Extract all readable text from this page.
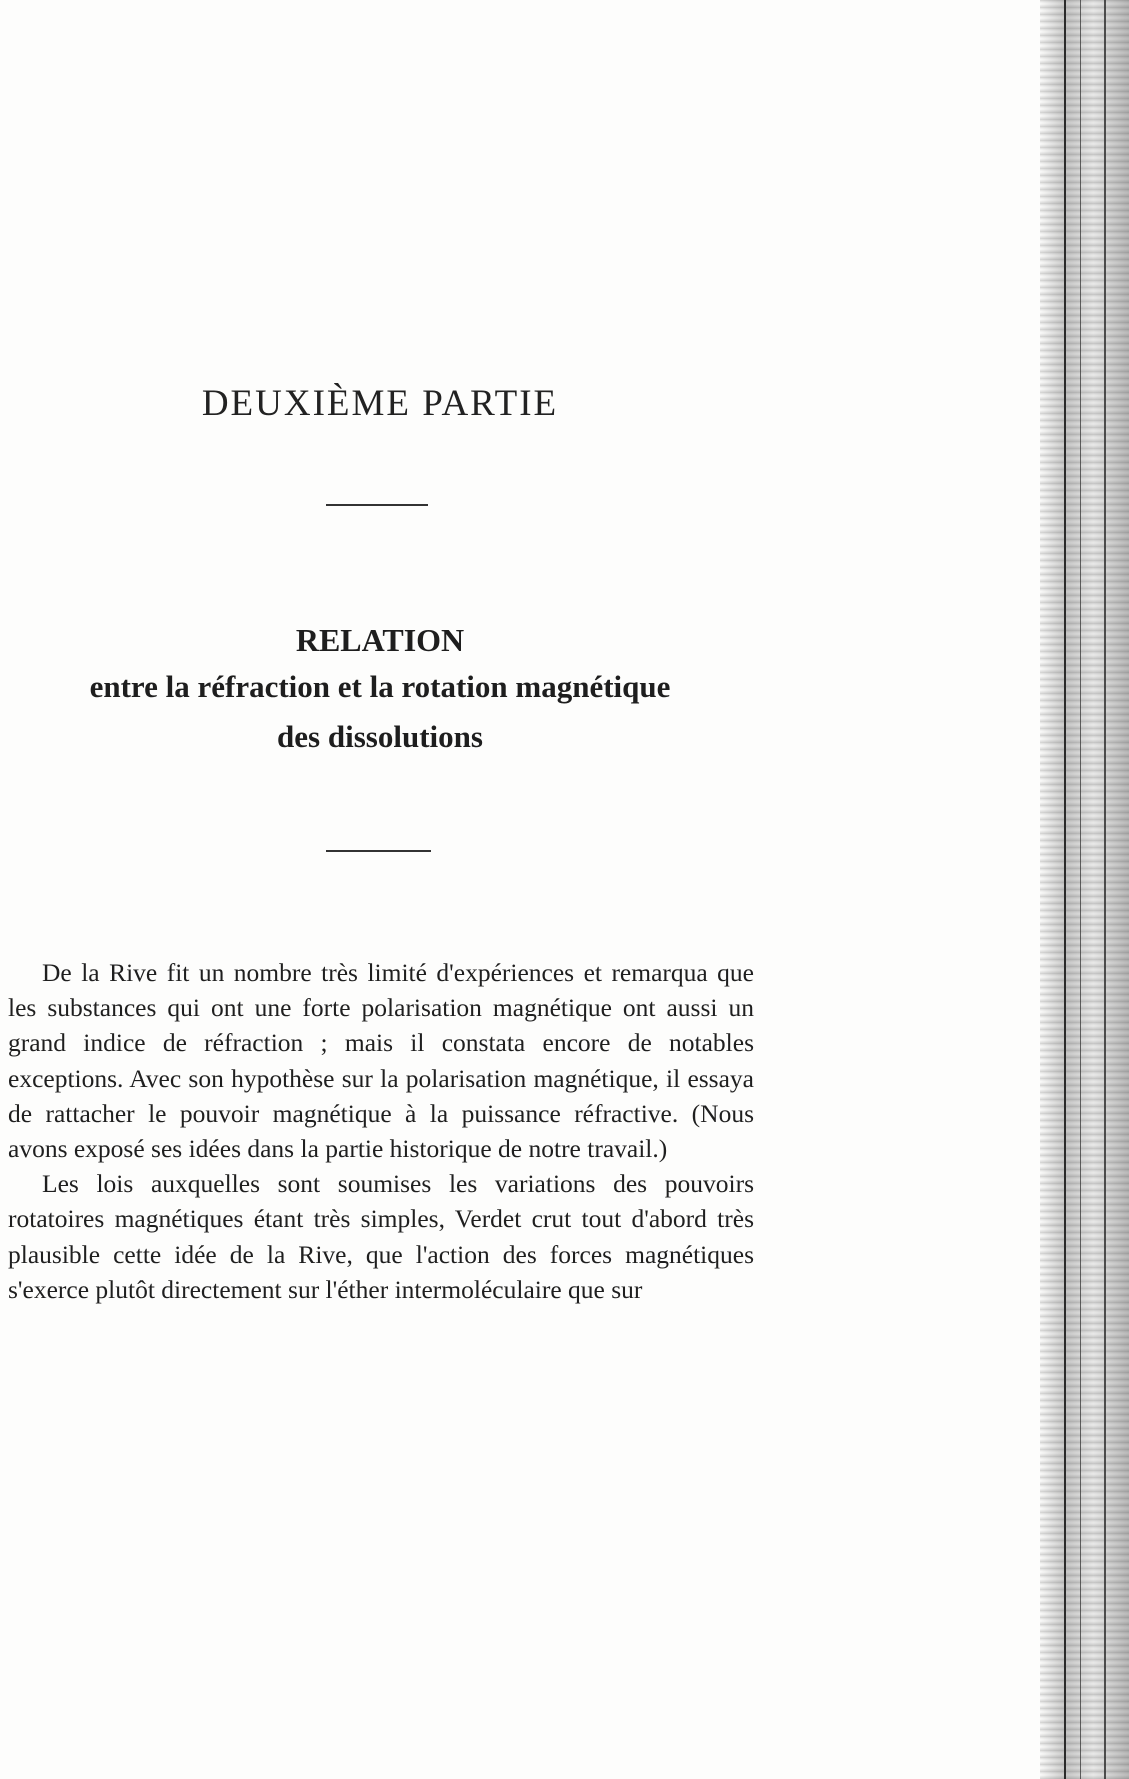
DEUXIÈME PARTIE
RELATION
entre la réfraction et la rotation magnétique
des dissolutions

De la Rive fit un nombre très limité d'expériences et remarqua que les substances qui ont une forte polarisation magnétique ont aussi un grand indice de réfraction ; mais il constata encore de notables exceptions. Avec son hypothèse sur la polarisation magnétique, il essaya de rattacher le pouvoir magnétique à la puissance réfractive. (Nous avons exposé ses idées dans la partie historique de notre travail.)

Les lois auxquelles sont soumises les variations des pouvoirs rotatoires magnétiques étant très simples, Verdet crut tout d'abord très plausible cette idée de la Rive, que l'action des forces magnétiques s'exerce plutôt directement sur l'éther intermoléculaire que sur
